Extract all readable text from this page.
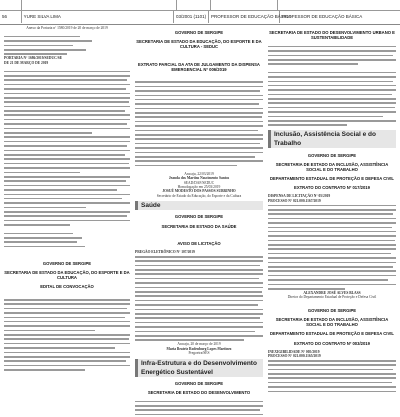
56	YURE SILVA LIMA	03/2001 (1101)	PROFESSOR DE EDUCAÇÃO BÁSICA
PROFESSOR DE EDUCAÇÃO BÁSICA

Anexo da Portaria nº 1580/2019 de 20 de março de 2019

PORTARIA Nº 1686/2019/SEDUC/SE

DE 21 DE MARÇO DE 2019

GOVERNO DE SERGIPE

SECRETARIA DE ESTADO DA EDUCAÇÃO, DO ESPORTE E DA CULTURA

EDITAL DE CONVOCAÇÃO

GOVERNO DE SERGIPE

SECRETARIA DE ESTADO DA EDUCAÇÃO, DO ESPORTE E DA CULTURA - SEDUC

EXTRATO PARCIAL DA ATA DE JULGAMENTO DA DISPENSA EMERGENCIAL Nº 006/2019

Aracaju, 22/03/2019

Jeanda dos Martins Nascimento Santos

SEAD/DAF/SEDUC

Homologação em 25/03/2019

JOSUÉ MODESTO DOS PASSOS SUBRINHO

Secretário de Estado da Educação, do Esporte e da Cultura

Saúde

GOVERNO DE SERGIPE

SECRETARIA DE ESTADO DA SAÚDE

AVISO DE LICITAÇÃO

PREGÃO ELETRÔNICO Nº 107/2019

Aracaju, 20 de março de 2019

Maria Beatriz Rodenburg Lopes Martinez

Pregoeira/SES

Infra-Estrutura e do Desenvolvimento Energético Sustentável

GOVERNO DE SERGIPE

SECRETARIA DE ESTADO DO DESENVOLVIMENTO

SECRETARIA DE ESTADO DO DESENVOLVIMENTO URBANO E SUSTENTABILIDADE

Inclusão, Assistência Social e do Trabalho

GOVERNO DE SERGIPE

SECRETARIA DE ESTADO DA INCLUSÃO, ASSISTÊNCIA SOCIAL E DO TRABALHO

DEPARTAMENTO ESTADUAL DE PROTEÇÃO E DEFESA CIVIL

EXTRATO DO CONTRATO Nº 017/2019

DISPENSA DE LICITAÇÃO Nº 05/2019

PROCESSO Nº 021.000.1167/2019

ALEXANDRE JOSÉ ALVES BLASS

Diretor do Departamento Estadual de Proteção e Defesa Civil

GOVERNO DE SERGIPE

SECRETARIA DE ESTADO DA INCLUSÃO, ASSISTÊNCIA SOCIAL E DO TRABALHO

DEPARTAMENTO ESTADUAL DE PROTEÇÃO E DEFESA CIVIL

EXTRATO DO CONTRATO Nº 003/2019

INEXIGIBILIDADE Nº 005/2019

PROCESSO Nº 021.000.1165/2019
